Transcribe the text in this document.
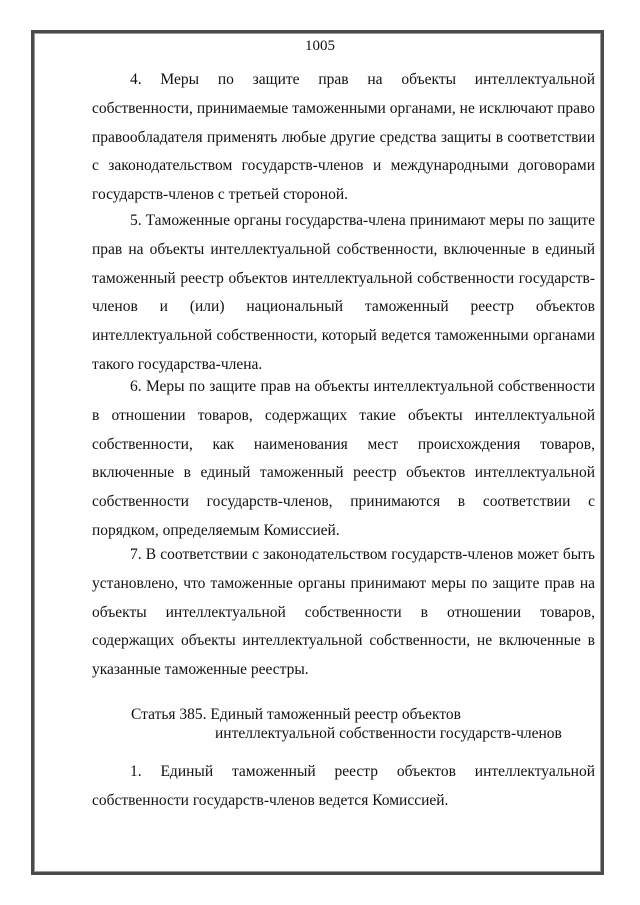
1005
4. Меры по защите прав на объекты интеллектуальной собственности, принимаемые таможенными органами, не исключают право правообладателя применять любые другие средства защиты в соответствии с законодательством государств-членов и международными договорами государств-членов с третьей стороной.
5. Таможенные органы государства-члена принимают меры по защите прав на объекты интеллектуальной собственности, включенные в единый таможенный реестр объектов интеллектуальной собственности государств-членов и (или) национальный таможенный реестр объектов интеллектуальной собственности, который ведется таможенными органами такого государства-члена.
6. Меры по защите прав на объекты интеллектуальной собственности в отношении товаров, содержащих такие объекты интеллектуальной собственности, как наименования мест происхождения товаров, включенные в единый таможенный реестр объектов интеллектуальной собственности государств-членов, принимаются в соответствии с порядком, определяемым Комиссией.
7. В соответствии с законодательством государств-членов может быть установлено, что таможенные органы принимают меры по защите прав на объекты интеллектуальной собственности в отношении товаров, содержащих объекты интеллектуальной собственности, не включенные в указанные таможенные реестры.
Статья 385. Единый таможенный реестр объектов
интеллектуальной собственности государств-членов
1. Единый таможенный реестр объектов интеллектуальной собственности государств-членов ведется Комиссией.
